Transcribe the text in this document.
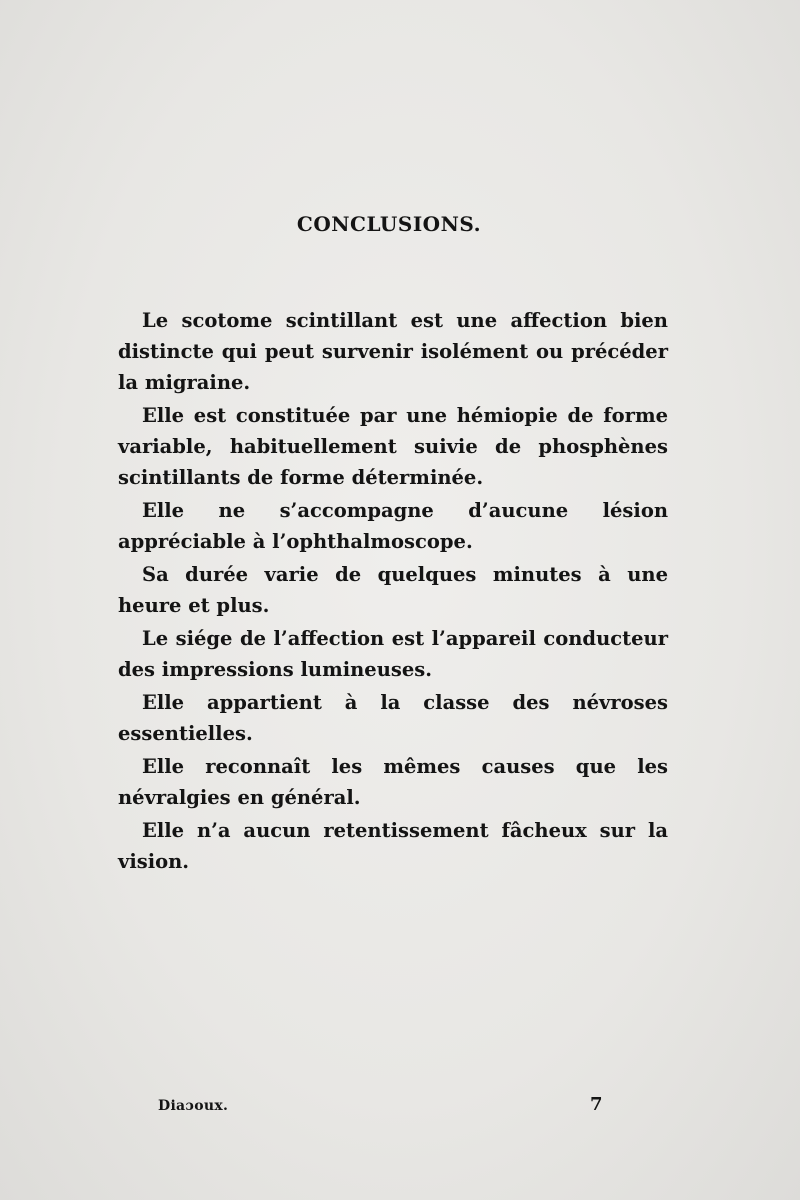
CONCLUSIONS.

Le scotome scintillant est une affection bien distincte qui peut survenir isolément ou précéder la migraine.

Elle est constituée par une hémiopie de forme variable, habituellement suivie de phosphènes scintillants de forme déterminée.

Elle ne s’accompagne d’aucune lésion appréciable à l’ophthalmoscope.

Sa durée varie de quelques minutes à une heure et plus.

Le siége de l’affection est l’appareil conducteur des impressions lumineuses.

Elle appartient à la classe des névroses essentielles.

Elle reconnaît les mêmes causes que les névralgies en général.

Elle n’a aucun retentissement fâcheux sur la vision.

Diaɔoux.	7
